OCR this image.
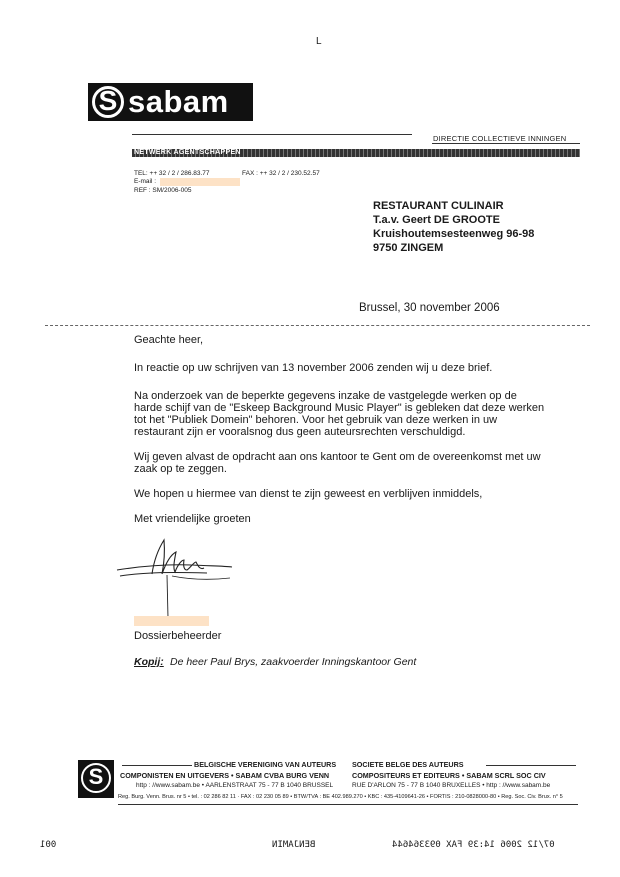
L
S sabam
DIRECTIE COLLECTIEVE INNINGEN
NETWERK AGENTSCHAPPEN
TEL: ++ 32 / 2 / 286.83.77	FAX : ++ 32 / 2 / 230.52.57
E-mail :
REF : SM/2006-005
RESTAURANT CULINAIR
T.a.v. Geert DE GROOTE
Kruishoutemsesteenweg 96-98
9750 ZINGEM
Brussel, 30 november 2006
Geachte heer,
In reactie op uw schrijven van 13 november 2006 zenden wij u deze brief.
Na onderzoek van de beperkte gegevens inzake de vastgelegde werken op de
harde schijf van de "Eskeep Background Music Player" is gebleken dat deze werken
tot het "Publiek Domein" behoren. Voor het gebruik van deze werken in uw
restaurant zijn er vooralsnog dus geen auteursrechten verschuldigd.
Wij geven alvast de opdracht aan ons kantoor te Gent om de overeenkomst met uw
zaak op te zeggen.
We hopen u hiermee van dienst te zijn geweest en verblijven inmiddels,
Met vriendelijke groeten
Dossierbeheerder
Kopij: De heer Paul Brys, zaakvoerder Inningskantoor Gent
S	BELGISCHE VERENIGING VAN AUTEURS
COMPONISTEN EN UITGEVERS • SABAM CVBA BURG VENN
http : //www.sabam.be • AARLENSTRAAT 75 - 77 B 1040 BRUSSEL
SOCIETE BELGE DES AUTEURS
COMPOSITEURS ET EDITEURS • SABAM SCRL SOC CIV
RUE D'ARLON 75 - 77 B 1040 BRUXELLES • http : //www.sabam.be
Reg. Burg. Venn. Brus. nr 5 • tel. : 02 286 82 11 · FAX : 02 230 05 89 • BTW/TVA : BE 402.989.270 • KBC : 435-4109641-26 • FORTIS : 210-0828000-80 • Reg. Soc. Civ. Brux. n° 5
001	BENJAMIN	07/12 2006 14:39 FAX 093364644
